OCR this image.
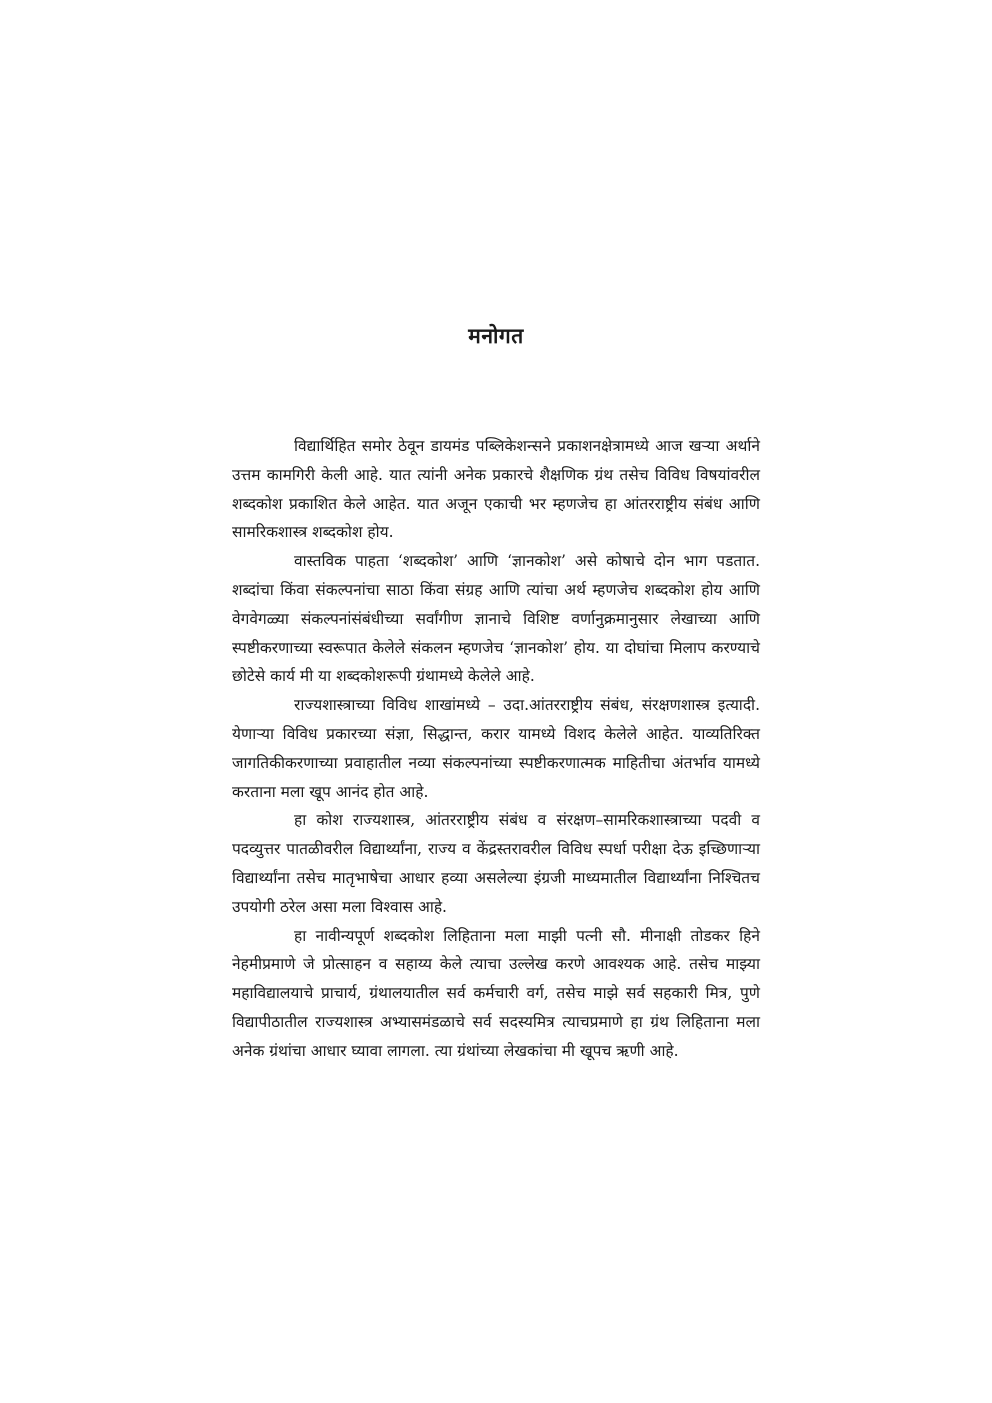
मनोगत

विद्यार्थिहित समोर ठेवून डायमंड पब्लिकेशन्सने प्रकाशनक्षेत्रामध्ये आज खऱ्या अर्थाने उत्तम कामगिरी केली आहे. यात त्यांनी अनेक प्रकारचे शैक्षणिक ग्रंथ तसेच विविध विषयांवरील शब्दकोश प्रकाशित केले आहेत. यात अजून एकाची भर म्हणजेच हा आंतरराष्ट्रीय संबंध आणि सामरिकशास्त्र शब्दकोश होय.

वास्तविक पाहता ‘शब्दकोश’ आणि ‘ज्ञानकोश’ असे कोषाचे दोन भाग पडतात. शब्दांचा किंवा संकल्पनांचा साठा किंवा संग्रह आणि त्यांचा अर्थ म्हणजेच शब्दकोश होय आणि वेगवेगळ्या संकल्पनांसंबंधीच्या सर्वांगीण ज्ञानाचे विशिष्ट वर्णानुक्रमानुसार लेखाच्या आणि स्पष्टीकरणाच्या स्वरूपात केलेले संकलन म्हणजेच ‘ज्ञानकोश’ होय. या दोघांचा मिलाप करण्याचे छोटेसे कार्य मी या शब्दकोशरूपी ग्रंथामध्ये केलेले आहे.

राज्यशास्त्राच्या विविध शाखांमध्ये – उदा.आंतरराष्ट्रीय संबंध, संरक्षणशास्त्र इत्यादी. येणाऱ्या विविध प्रकारच्या संज्ञा, सिद्धान्त, करार यामध्ये विशद केलेले आहेत. याव्यतिरिक्त जागतिकीकरणाच्या प्रवाहातील नव्या संकल्पनांच्या स्पष्टीकरणात्मक माहितीचा अंतर्भाव यामध्ये करताना मला खूप आनंद होत आहे.

हा कोश राज्यशास्त्र, आंतरराष्ट्रीय संबंध व संरक्षण–सामरिकशास्त्राच्या पदवी व पदव्युत्तर पातळीवरील विद्यार्थ्यांना, राज्य व केंद्रस्तरावरील विविध स्पर्धा परीक्षा देऊ इच्छिणाऱ्या विद्यार्थ्यांना तसेच मातृभाषेचा आधार हव्या असलेल्या इंग्रजी माध्यमातील विद्यार्थ्यांना निश्चितच उपयोगी ठरेल असा मला विश्वास आहे.

हा नावीन्यपूर्ण शब्दकोश लिहिताना मला माझी पत्नी सौ. मीनाक्षी तोडकर हिने नेहमीप्रमाणे जे प्रोत्साहन व सहाय्य केले त्याचा उल्लेख करणे आवश्यक आहे. तसेच माझ्या महाविद्यालयाचे प्राचार्य, ग्रंथालयातील सर्व कर्मचारी वर्ग, तसेच माझे सर्व सहकारी मित्र, पुणे विद्यापीठातील राज्यशास्त्र अभ्यासमंडळाचे सर्व सदस्यमित्र त्याचप्रमाणे हा ग्रंथ लिहिताना मला अनेक ग्रंथांचा आधार घ्यावा लागला. त्या ग्रंथांच्या लेखकांचा मी खूपच ऋणी आहे.
